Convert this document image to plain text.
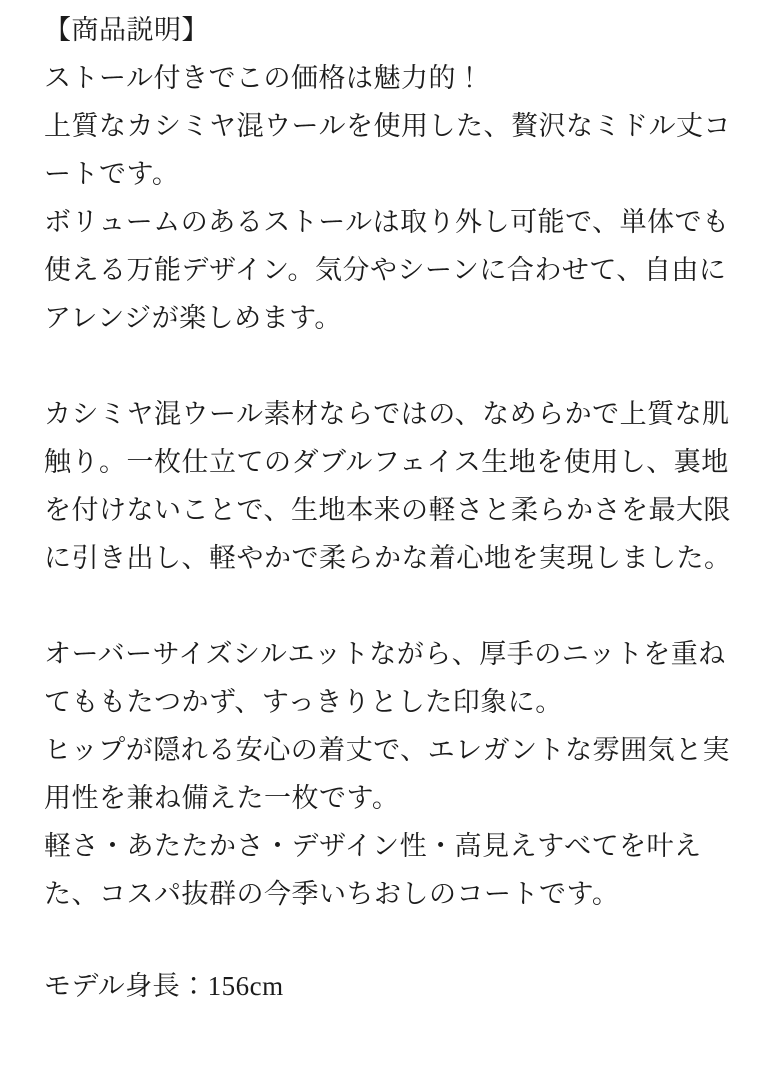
【商品説明】

ストール付きでこの価格は魅力的！

上質なカシミヤ混ウールを使用した、贅沢なミドル丈コートです。

ボリュームのあるストールは取り外し可能で、単体でも使える万能デザイン。気分やシーンに合わせて、自由にアレンジが楽しめます。

カシミヤ混ウール素材ならではの、なめらかで上質な肌触り。一枚仕立てのダブルフェイス生地を使用し、裏地を付けないことで、生地本来の軽さと柔らかさを最大限に引き出し、軽やかで柔らかな着心地を実現しました。

オーバーサイズシルエットながら、厚手のニットを重ねてももたつかず、すっきりとした印象に。

ヒップが隠れる安心の着丈で、エレガントな雰囲気と実用性を兼ね備えた一枚です。

軽さ・あたたかさ・デザイン性・高見えすべてを叶えた、コスパ抜群の今季いちおしのコートです。

モデル身長：156cm
